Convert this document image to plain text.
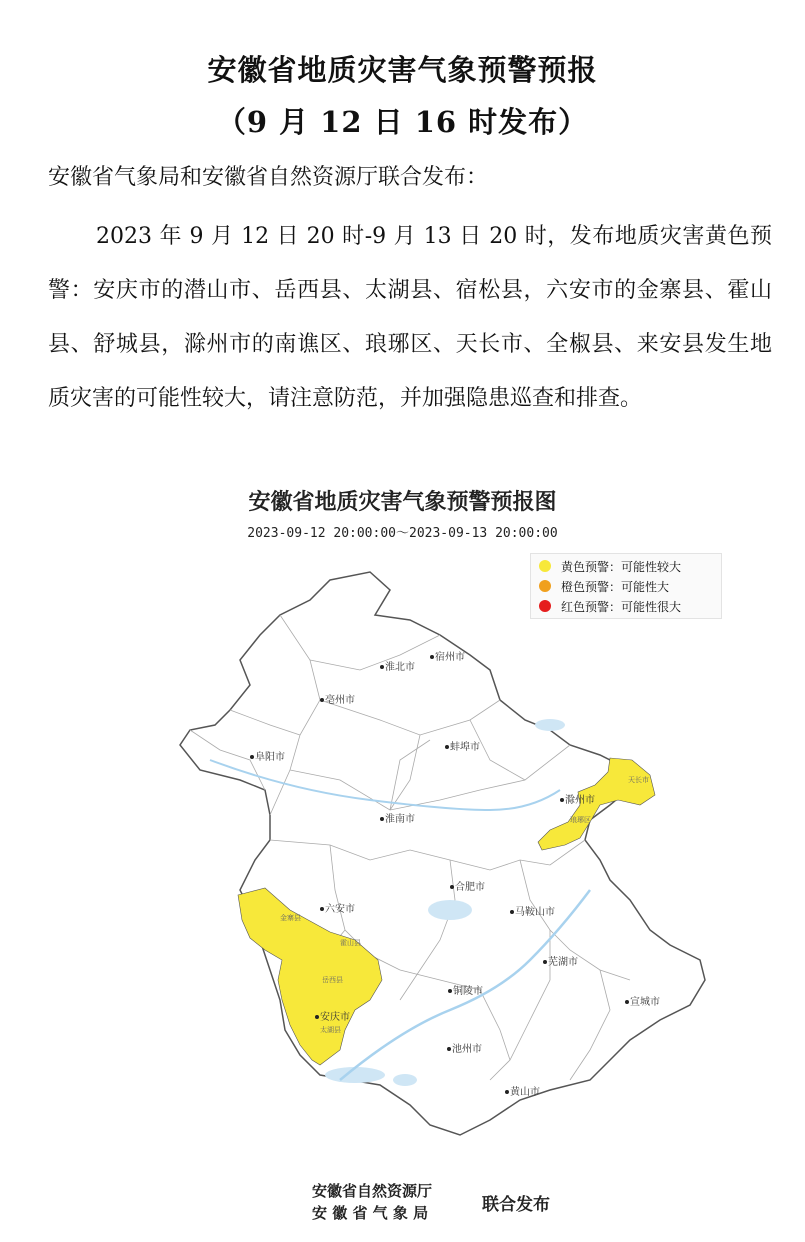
安徽省地质灾害气象预警预报
（9 月 12 日 16 时发布）
安徽省气象局和安徽省自然资源厅联合发布：
2023 年 9 月 12 日 20 时-9 月 13 日 20 时，发布地质灾害黄色预警：安庆市的潜山市、岳西县、太湖县、宿松县，六安市的金寨县、霍山县、舒城县，滁州市的南谯区、琅琊区、天长市、全椒县、来安县发生地质灾害的可能性较大，请注意防范，并加强隐患巡查和排查。
安徽省地质灾害气象预警预报图
2023-09-12 20:00:00～2023-09-13 20:00:00
宿州市
淮北市
亳州市
阜阳市
蚌埠市
淮南市
滁州市
六安市
合肥市
马鞍山市
芜湖市
铜陵市
安庆市
池州市
宣城市
黄山市
天长市
金寨县
霍山县
岳西县
太湖县
琅琊区
黄色预警：可能性较大
橙色预警：可能性大
红色预警：可能性很大
安徽省自然资源厅
安 徽 省 气 象 局	联合发布
